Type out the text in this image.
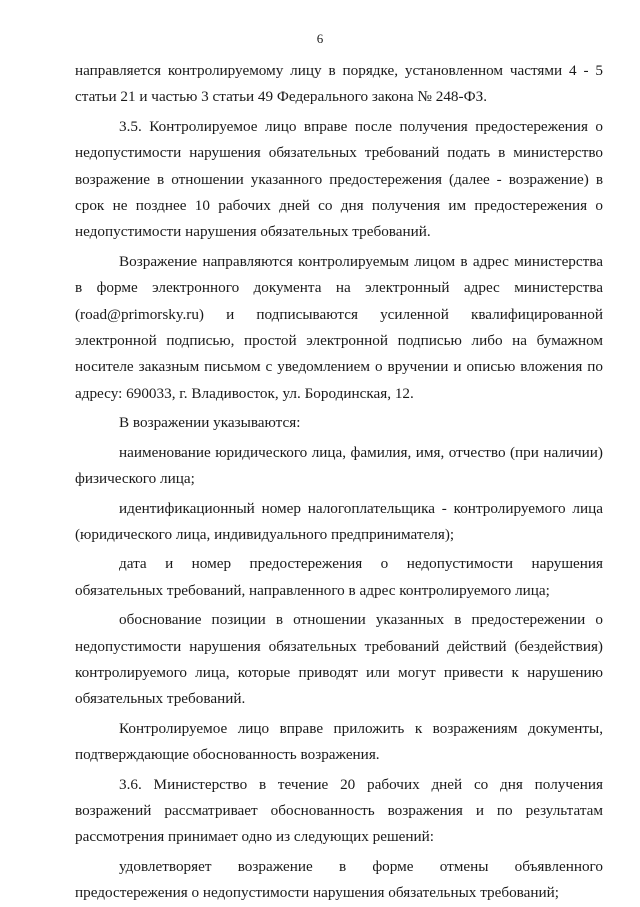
6

направляется контролируемому лицу в порядке, установленном частями 4 - 5 статьи 21 и частью 3 статьи 49 Федерального закона № 248-ФЗ.

3.5. Контролируемое лицо вправе после получения предостережения о недопустимости нарушения обязательных требований подать в министерство возражение в отношении указанного предостережения (далее - возражение) в срок не позднее 10 рабочих дней со дня получения им предостережения о недопустимости нарушения обязательных требований.

Возражение направляются контролируемым лицом в адрес министерства в форме электронного документа на электронный адрес министерства (road@primorsky.ru) и подписываются усиленной квалифицированной электронной подписью, простой электронной подписью либо на бумажном носителе заказным письмом с уведомлением о вручении и описью вложения по адресу: 690033, г. Владивосток, ул. Бородинская, 12.

В возражении указываются:

наименование юридического лица, фамилия, имя, отчество (при наличии) физического лица;

идентификационный номер налогоплательщика - контролируемого лица (юридического лица, индивидуального предпринимателя);

дата и номер предостережения о недопустимости нарушения обязательных требований, направленного в адрес контролируемого лица;

обоснование позиции в отношении указанных в предостережении о недопустимости нарушения обязательных требований действий (бездействия) контролируемого лица, которые приводят или могут привести к нарушению обязательных требований.

Контролируемое лицо вправе приложить к возражениям документы, подтверждающие обоснованность возражения.

3.6. Министерство в течение 20 рабочих дней со дня получения возражений рассматривает обоснованность возражения и по результатам рассмотрения принимает одно из следующих решений:

удовлетворяет возражение в форме отмены объявленного предостережения о недопустимости нарушения обязательных требований;
